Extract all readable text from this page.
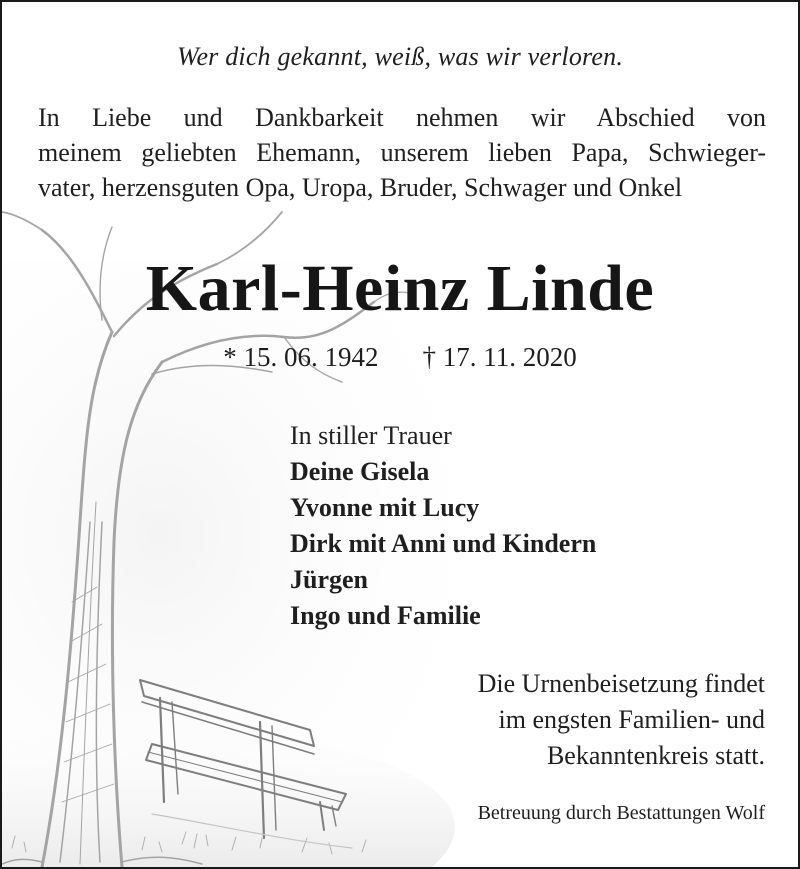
Wer dich gekannt, weiß, was wir verloren.
In Liebe und Dankbarkeit nehmen wir Abschied von
meinem geliebten Ehemann, unserem lieben Papa, Schwieger-
vater, herzensguten Opa, Uropa, Bruder, Schwager und Onkel
Karl-Heinz Linde
* 15. 06. 1942 † 17. 11. 2020
In stiller Trauer
Deine Gisela
Yvonne mit Lucy
Dirk mit Anni und Kindern
Jürgen
Ingo und Familie
Die Urnenbeisetzung findet
im engsten Familien- und
Bekanntenkreis statt.
Betreuung durch Bestattungen Wolf
